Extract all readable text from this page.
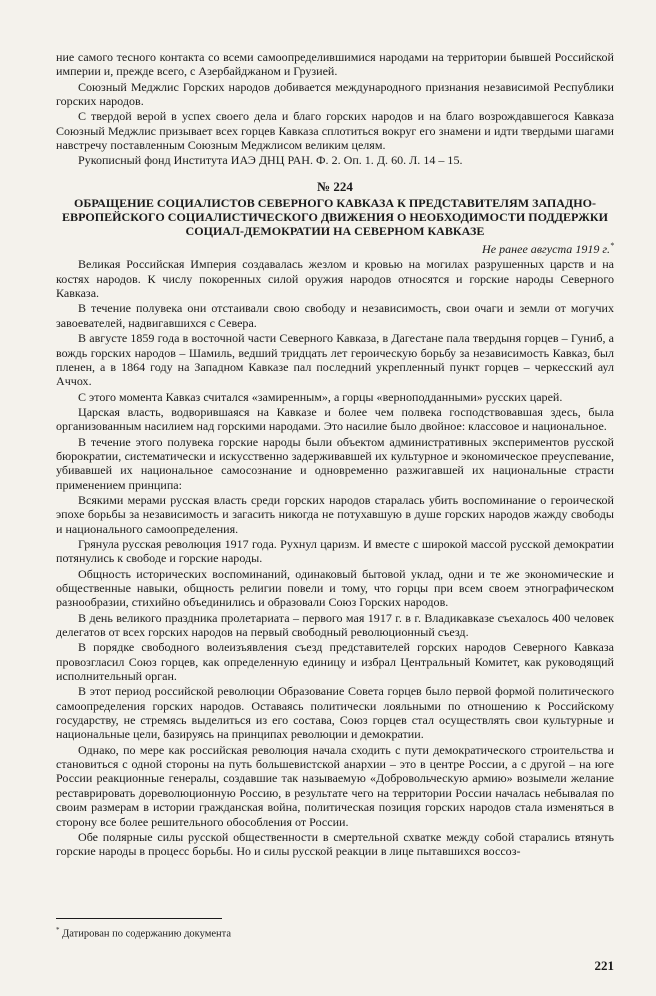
ние самого тесного контакта со всеми самоопределившимися народами на территории бывшей Российской империи и, прежде всего, с Азербайджаном и Грузией.

Союзный Меджлис Горских народов добивается международного признания независимой Республики горских народов.

С твердой верой в успех своего дела и благо горских народов и на благо возрождавшегося Кавказа Союзный Меджлис призывает всех горцев Кавказа сплотиться вокруг его знамени и идти твердыми шагами навстречу поставленным Союзным Меджлисом великим целям.

Рукописный фонд Института ИАЭ ДНЦ РАН. Ф. 2. Оп. 1. Д. 60. Л. 14 – 15.

№ 224
ОБРАЩЕНИЕ СОЦИАЛИСТОВ СЕВЕРНОГО КАВКАЗА К ПРЕДСТАВИТЕЛЯМ ЗАПАДНО-ЕВРОПЕЙСКОГО СОЦИАЛИСТИЧЕСКОГО ДВИЖЕНИЯ О НЕОБХОДИМОСТИ ПОДДЕРЖКИ СОЦИАЛ-ДЕМОКРАТИИ НА СЕВЕРНОМ КАВКАЗЕ
Не ранее августа 1919 г.*

Великая Российская Империя создавалась жезлом и кровью на могилах разрушенных царств и на костях народов. К числу покоренных силой оружия народов относятся и горские народы Северного Кавказа.

В течение полувека они отстаивали свою свободу и независимость, свои очаги и земли от могучих завоевателей, надвигавшихся с Севера.

В августе 1859 года в восточной части Северного Кавказа, в Дагестане пала твердыня горцев – Гуниб, а вождь горских народов – Шамиль, ведший тридцать лет героическую борьбу за независимость Кавказ, был пленен, а в 1864 году на Западном Кавказе пал последний укрепленный пункт горцев – черкесский аул Аччох.

С этого момента Кавказ считался «замиренным», а горцы «верноподданными» русских царей.

Царская власть, водворившаяся на Кавказе и более чем полвека господствовавшая здесь, была организованным насилием над горскими народами. Это насилие было двойное: классовое и национальное.

В течение этого полувека горские народы были объектом административных экспериментов русской бюрократии, систематически и искусственно задерживавшей их культурное и экономическое преуспевание, убивавшей их национальное самосознание и одновременно разжигавшей их национальные страсти применением принципа:

Всякими мерами русская власть среди горских народов старалась убить воспоминание о героической эпохе борьбы за независимость и загасить никогда не потухавшую в душе горских народов жажду свободы и национального самоопределения.

Грянула русская революция 1917 года. Рухнул царизм. И вместе с широкой массой русской демократии потянулись к свободе и горские народы.

Общность исторических воспоминаний, одинаковый бытовой уклад, одни и те же экономические и общественные навыки, общность религии повели и тому, что горцы при всем своем этнографическом разнообразии, стихийно объединились и образовали Союз Горских народов.

В день великого праздника пролетариата – первого мая 1917 г. в г. Владикавказе съехалось 400 человек делегатов от всех горских народов на первый свободный революционный съезд.

В порядке свободного волеизъявления съезд представителей горских народов Северного Кавказа провозгласил Союз горцев, как определенную единицу и избрал Центральный Комитет, как руководящий исполнительный орган.

В этот период российской революции Образование Совета горцев было первой формой политического самоопределения горских народов. Оставаясь политически лояльными по отношению к Российскому государству, не стремясь выделиться из его состава, Союз горцев стал осуществлять свои культурные и национальные цели, базируясь на принципах революции и демократии.

Однако, по мере как российская революция начала сходить с пути демократического строительства и становиться с одной стороны на путь большевистской анархии – это в центре России, а с другой – на юге России реакционные генералы, создавшие так называемую «Добровольческую армию» возымели желание реставрировать дореволюционную Россию, в результате чего на территории России началась небывалая по своим размерам в истории гражданская война, политическая позиция горских народов стала изменяться в сторону все более решительного обособления от России.

Обе полярные силы русской общественности в смертельной схватке между собой старались втянуть горские народы в процесс борьбы. Но и силы русской реакции в лице пытавшихся воссоз-

* Датирован по содержанию документа
221
